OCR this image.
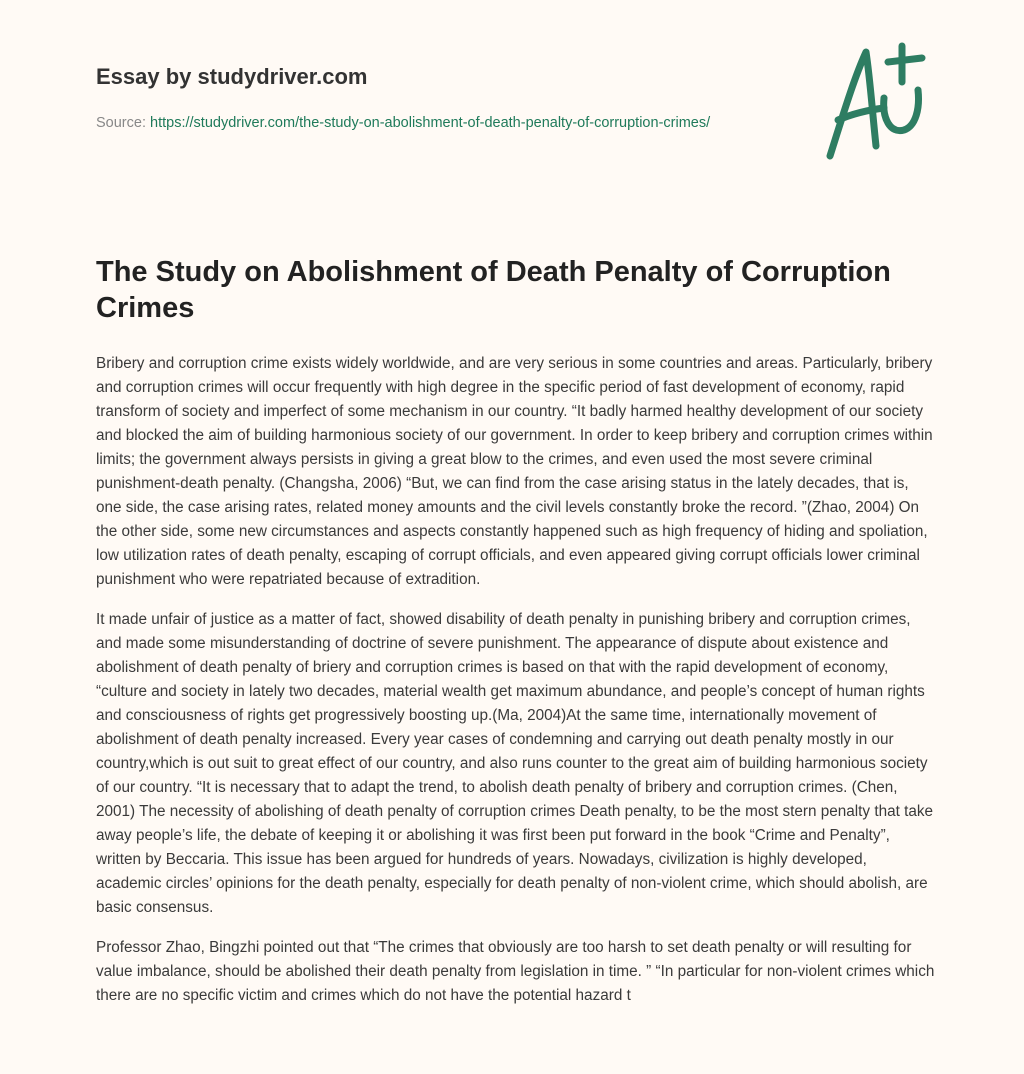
Essay by studydriver.com
Source: https://studydriver.com/the-study-on-abolishment-of-death-penalty-of-corruption-crimes/
The Study on Abolishment of Death Penalty of Corruption Crimes

Bribery and corruption crime exists widely worldwide, and are very serious in some countries and areas. Particularly, bribery and corruption crimes will occur frequently with high degree in the specific period of fast development of economy, rapid transform of society and imperfect of some mechanism in our country. “It badly harmed healthy development of our society and blocked the aim of building harmonious society of our government. In order to keep bribery and corruption crimes within limits; the government always persists in giving a great blow to the crimes, and even used the most severe criminal punishment-death penalty. (Changsha, 2006) “But, we can find from the case arising status in the lately decades, that is, one side, the case arising rates, related money amounts and the civil levels constantly broke the record. ”(Zhao, 2004) On the other side, some new circumstances and aspects constantly happened such as high frequency of hiding and spoliation, low utilization rates of death penalty, escaping of corrupt officials, and even appeared giving corrupt officials lower criminal punishment who were repatriated because of extradition.

It made unfair of justice as a matter of fact, showed disability of death penalty in punishing bribery and corruption crimes, and made some misunderstanding of doctrine of severe punishment. The appearance of dispute about existence and abolishment of death penalty of briery and corruption crimes is based on that with the rapid development of economy, “culture and society in lately two decades, material wealth get maximum abundance, and people’s concept of human rights and consciousness of rights get progressively boosting up.(Ma, 2004)At the same time, internationally movement of abolishment of death penalty increased. Every year cases of condemning and carrying out death penalty mostly in our country,which is out suit to great effect of our country, and also runs counter to the great aim of building harmonious society of our country. “It is necessary that to adapt the trend, to abolish death penalty of bribery and corruption crimes. (Chen, 2001) The necessity of abolishing of death penalty of corruption crimes Death penalty, to be the most stern penalty that take away people’s life, the debate of keeping it or abolishing it was first been put forward in the book “Crime and Penalty”, written by Beccaria. This issue has been argued for hundreds of years. Nowadays, civilization is highly developed, academic circles’ opinions for the death penalty, especially for death penalty of non-violent crime, which should abolish, are basic consensus.

Professor Zhao, Bingzhi pointed out that “The crimes that obviously are too harsh to set death penalty or will resulting for value imbalance, should be abolished their death penalty from legislation in time. ” “In particular for non-violent crimes which there are no specific victim and crimes which do not have the potential hazard t
